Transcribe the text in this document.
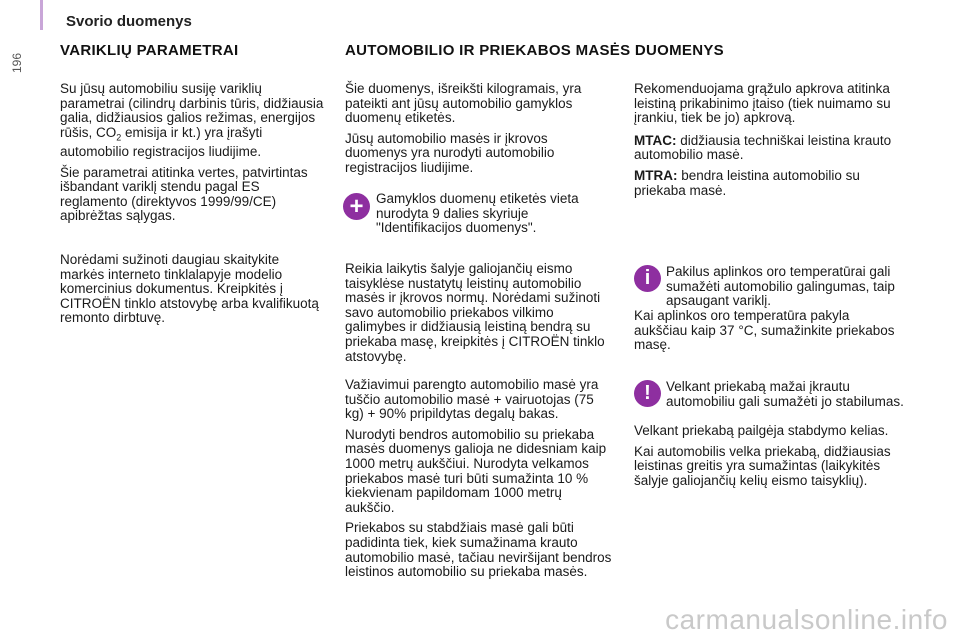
Svorio duomenys
196
VARIKLIŲ PARAMETRAI	AUTOMOBILIO IR PRIEKABOS MASĖS DUOMENYS

Su jūsų automobiliu susiję variklių parametrai (cilindrų darbinis tūris, didžiausia galia, didžiausios galios režimas, energijos rūšis, $CO_2$ emisija ir kt.) yra įrašyti automobilio registracijos liudijime.

Šie parametrai atitinka vertes, patvirtintas išbandant variklį stendu pagal ES reglamento (direktyvos 1999/99/CE) apibrėžtas sąlygas.

Norėdami sužinoti daugiau skaitykite markės interneto tinklalapyje modelio komercinius dokumentus. Kreipkitės į CITROËN tinklo atstovybę arba kvalifikuotą remonto dirbtuvę.

Šie duomenys, išreikšti kilogramais, yra pateikti ant jūsų automobilio gamyklos duomenų etiketės.

Jūsų automobilio masės ir įkrovos duomenys yra nurodyti automobilio registracijos liudijime.

+ Gamyklos duomenų etiketės vieta nurodyta 9 dalies skyriuje "Identifikacijos duomenys".

Reikia laikytis šalyje galiojančių eismo taisyklėse nustatytų leistinų automobilio masės ir įkrovos normų. Norėdami sužinoti savo automobilio priekabos vilkimo galimybes ir didžiausią leistiną bendrą su priekaba masę, kreipkitės į CITROËN tinklo atstovybę.

Važiavimui parengto automobilio masė yra tuščio automobilio masė + vairuotojas (75 kg) + 90% pripildytas degalų bakas.

Nurodyti bendros automobilio su priekaba masės duomenys galioja ne didesniam kaip 1000 metrų aukščiui. Nurodyta velkamos priekabos masė turi būti sumažinta 10 % kiekvienam papildomam 1000 metrų aukščio.

Priekabos su stabdžiais masė gali būti padidinta tiek, kiek sumažinama krauto automobilio masė, tačiau neviršijant bendros leistinos automobilio su priekaba masės.

Rekomenduojama grąžulo apkrova atitinka leistiną prikabinimo įtaiso (tiek nuimamo su įrankiu, tiek be jo) apkrovą.

MTAC: didžiausia techniškai leistina krauto automobilio masė.

MTRA: bendra leistina automobilio su priekaba masė.

i	Pakilus aplinkos oro temperatūrai gali sumažėti automobilio galingumas, taip apsaugant variklį.

Kai aplinkos oro temperatūra pakyla aukščiau kaip 37 °C, sumažinkite priekabos masę.

!	Velkant priekabą mažai įkrautu automobiliu gali sumažėti jo stabilumas.

Velkant priekabą pailgėja stabdymo kelias.

Kai automobilis velka priekabą, didžiausias leistinas greitis yra sumažintas (laikykitės šalyje galiojančių kelių eismo taisyklių).

carmanualsonline.info
